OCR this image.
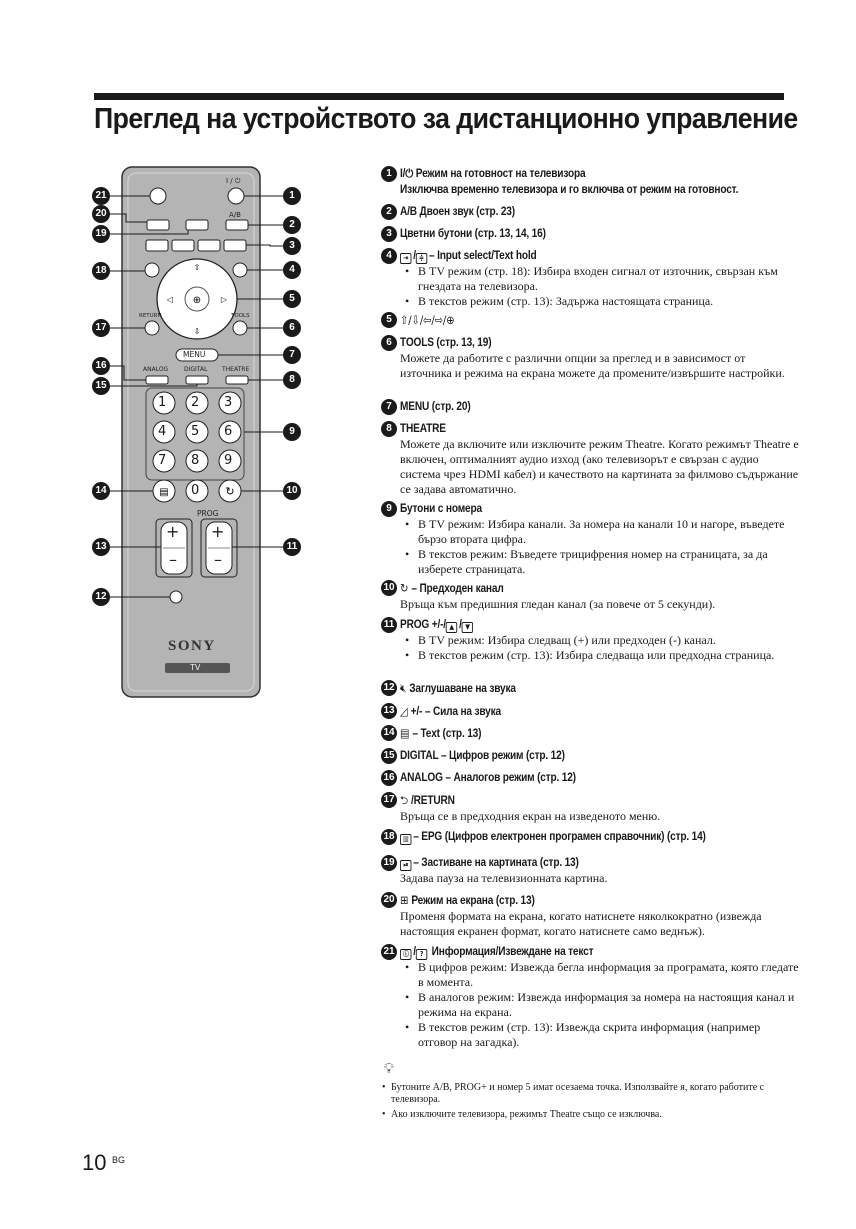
Преглед на устройството за дистанционно управление
⊕
⇧
⇩
◁	▷
▤	↻
I / ⏻
A/B
RETURN	TOOLS
MENU
ANALOG	DIGITAL THEATRE
PROG
+
–
+
–
SONY
TV
1 2 3
4 5 6
7 8 9
0
21
20
19
18
17
16
15
14
13
12
1
2
3
4
5
6
7
8
9
10
11
1 I/⏻ Режим на готовност на телевизора
Изключва временно телевизора и го включва от режим на готовност.
2 A/B Двоен звук (стр. 23)
3 Цветни бутони (стр. 13, 14, 16)
4	⇥ / ≑ – Input select/Text hold
• В TV режим (стр. 18): Избира входен сигнал от източник, свързан към гнездата на телевизора.
• В текстов режим (стр. 13): Задържа настоящата страница.
5 ⇧/⇩/⇦/⇨/⊕
6 TOOLS (стр. 13, 19)
Можете да работите с различни опции за преглед и в зависимост от източника и режима на екрана можете да промените/извършите настройки.
7 MENU (стр. 20)
8 THEATRE
Можете да включите или изключите режим Theatre. Когато режимът Theatre е включен, оптималният аудио изход (ако телевизорът е свързан с аудио система чрез HDMI кабел) и качеството на картината за филмово съдържание се задава автоматично.
9 Бутони с номера
• В TV режим: Избира канали. За номера на канали 10 и нагоре, въведете бързо втората цифра.
• В текстов режим: Въведете трицифрения номер на страницата, за да изберете страницата.
10 ↻ – Предходен канал
Връща към предишния гледан канал (за повече от 5 секунди).
11 PROG +/-/ ▲ / ▼
• В TV режим: Избира следващ (+) или предходен (-) канал.
• В текстов режим (стр. 13): Избира следваща или предходна страница.
12 🔇︎ Заглушаване на звука
13 ◿ +/- – Сила на звука
14 ▤ – Text (стр. 13)
15 DIGITAL – Цифров режим (стр. 12)
16 ANALOG – Аналогов режим (стр. 12)
17 ⮌ /RETURN
Връща се в предходния екран на изведеното меню.
18	▥ – EPG (Цифров електронен програмен справочник) (стр. 14)
19	⏯ – Застиване на картината (стр. 13)
Задава пауза на телевизионната картина.
20 ⊞ Режим на екрана (стр. 13)
Променя формата на екрана, когато натиснете няколкократно (извежда настоящия екранен формат, когато натиснете само веднъж).
21	ⓘ / ? Информация/Извеждане на текст
• В цифров режим: Извежда бегла информация за програмата, която гледате в момента.
• В аналогов режим: Извежда информация за номера на настоящия канал и режима на екрана.
• В текстов режим (стр. 13): Извежда скрита информация (например отговор на загадка).
💡︎
• Бутоните A/B, PROG+ и номер 5 имат осезаема точка. Използвайте я, когато работите с телевизора.
• Ако изключите телевизора, режимът Theatre също се изключва.
10 BG
